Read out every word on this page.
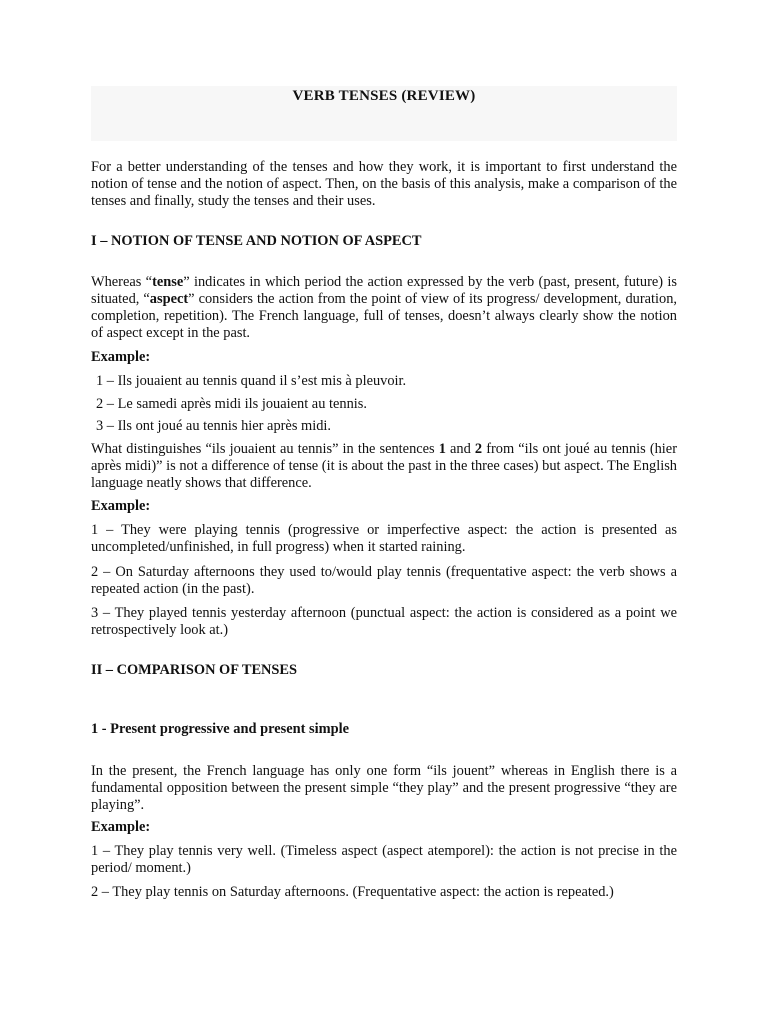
VERB TENSES (REVIEW)

For a better understanding of the tenses and how they work, it is important to first understand the notion of tense and the notion of aspect. Then, on the basis of this analysis, make a comparison of the tenses and finally, study the tenses and their uses.

I – NOTION OF TENSE AND NOTION OF ASPECT

Whereas “tense” indicates in which period the action expressed by the verb (past, present, future) is situated, “aspect” considers the action from the point of view of its progress/ development, duration, completion, repetition). The French language, full of tenses, doesn’t always clearly show the notion of aspect except in the past.

Example:

1 – Ils jouaient au tennis quand il s’est mis à pleuvoir.

2 – Le samedi après midi ils jouaient au tennis.

3 – Ils ont joué au tennis hier après midi.

What distinguishes “ils jouaient au tennis” in the sentences 1 and 2 from “ils ont joué au tennis (hier après midi)” is not a difference of tense (it is about the past in the three cases) but aspect. The English language neatly shows that difference.

Example:

1 – They were playing tennis (progressive or imperfective aspect: the action is presented as uncompleted/unfinished, in full progress) when it started raining.

2 – On Saturday afternoons they used to/would play tennis (frequentative aspect: the verb shows a repeated action (in the past).

3 – They played tennis yesterday afternoon (punctual aspect: the action is considered as a point we retrospectively look at.)

II – COMPARISON OF TENSES

1 - Present progressive and present simple

In the present, the French language has only one form “ils jouent” whereas in English there is a fundamental opposition between the present simple “they play” and the present progressive “they are playing”.

Example:

1 – They play tennis very well. (Timeless aspect (aspect atemporel): the action is not precise in the period/ moment.)

2 – They play tennis on Saturday afternoons. (Frequentative aspect: the action is repeated.)
